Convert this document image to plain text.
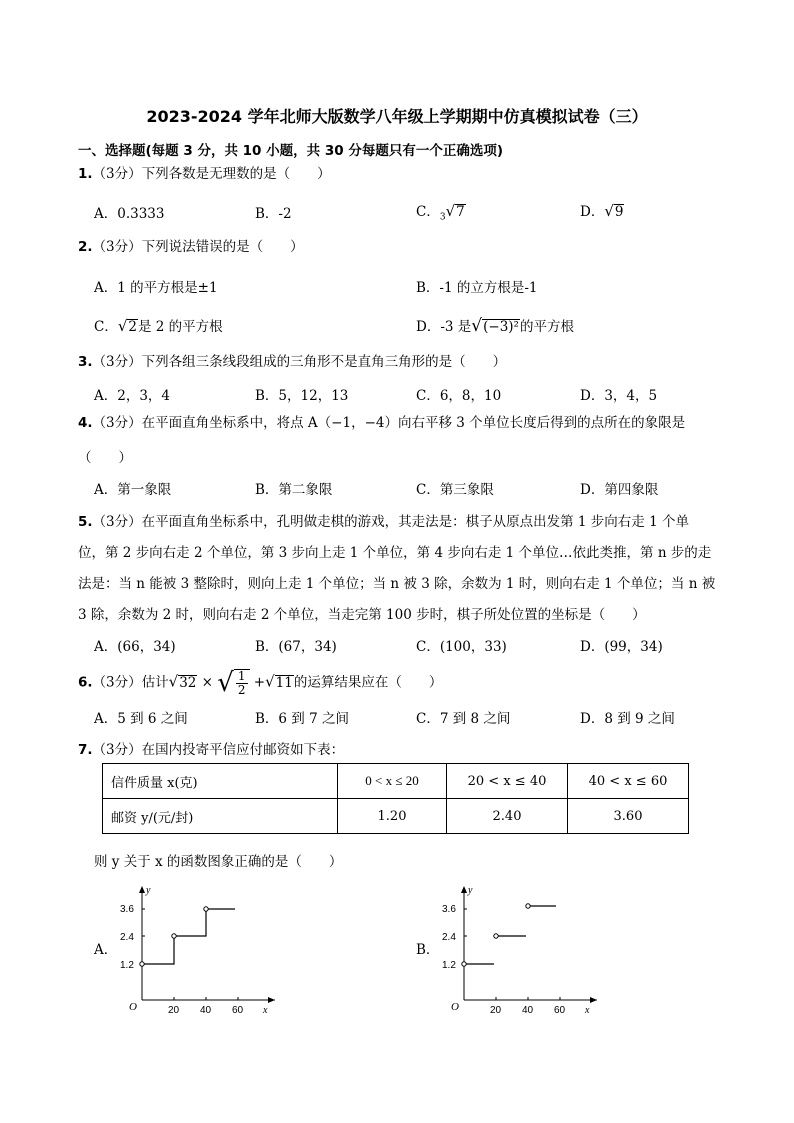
2023-2024 学年北师大版数学八年级上学期期中仿真模拟试卷（三）
一、选择题(每题 3 分，共 10 小题，共 30 分每题只有一个正确选项)
1.（3分）下列各数是无理数的是（　　）
A．0.3333	B．-2	C．$_3$√7	D．√9
2.（3分）下列说法错误的是（　　）
A．1 的平方根是±1	B．-1 的立方根是-1
C．√2是 2 的平方根	D．-3 是√(−3)²的平方根
3.（3分）下列各组三条线段组成的三角形不是直角三角形的是（　　）
A．2，3，4	B．5，12，13	C．6，8，10	D．3，4，5
4.（3分）在平面直角坐标系中，将点 A（−1，−4）向右平移 3 个单位长度后得到的点所在的象限是
（　　）
A．第一象限	B．第二象限	C．第三象限	D．第四象限
5.（3分）在平面直角坐标系中，孔明做走棋的游戏，其走法是：棋子从原点出发第 1 步向右走 1 个单
位，第 2 步向右走 2 个单位，第 3 步向上走 1 个单位，第 4 步向右走 1 个单位…依此类推，第 n 步的走
法是：当 n 能被 3 整除时，则向上走 1 个单位；当 n 被 3 除，余数为 1 时，则向右走 1 个单位；当 n 被
3 除，余数为 2 时，则向右走 2 个单位，当走完第 100 步时，棋子所处位置的坐标是（　　）
A．(66，34)	B．(67，34)	C．(100，33)	D．(99，34)
6.（3分）估计√32 × √ $\frac{1}{2} +√11$的运算结果应在（　　）
A．5 到 6 之间	B．6 到 7 之间	C．7 到 8 之间	D．8 到 9 之间
7.（3分）在国内投寄平信应付邮资如下表：
信件质量 x(克)	0 < x ≤ 20	20 < x ≤ 40	40 < x ≤ 60
邮资 y/(元/封)	1.20	2.40	3.60
则 y 关于 x 的函数图象正确的是（　　）
A．	B．
y
x
O
1.2
2.4
3.6
20 40 60
y
x
O
1.2
2.4
3.6
20 40 60
